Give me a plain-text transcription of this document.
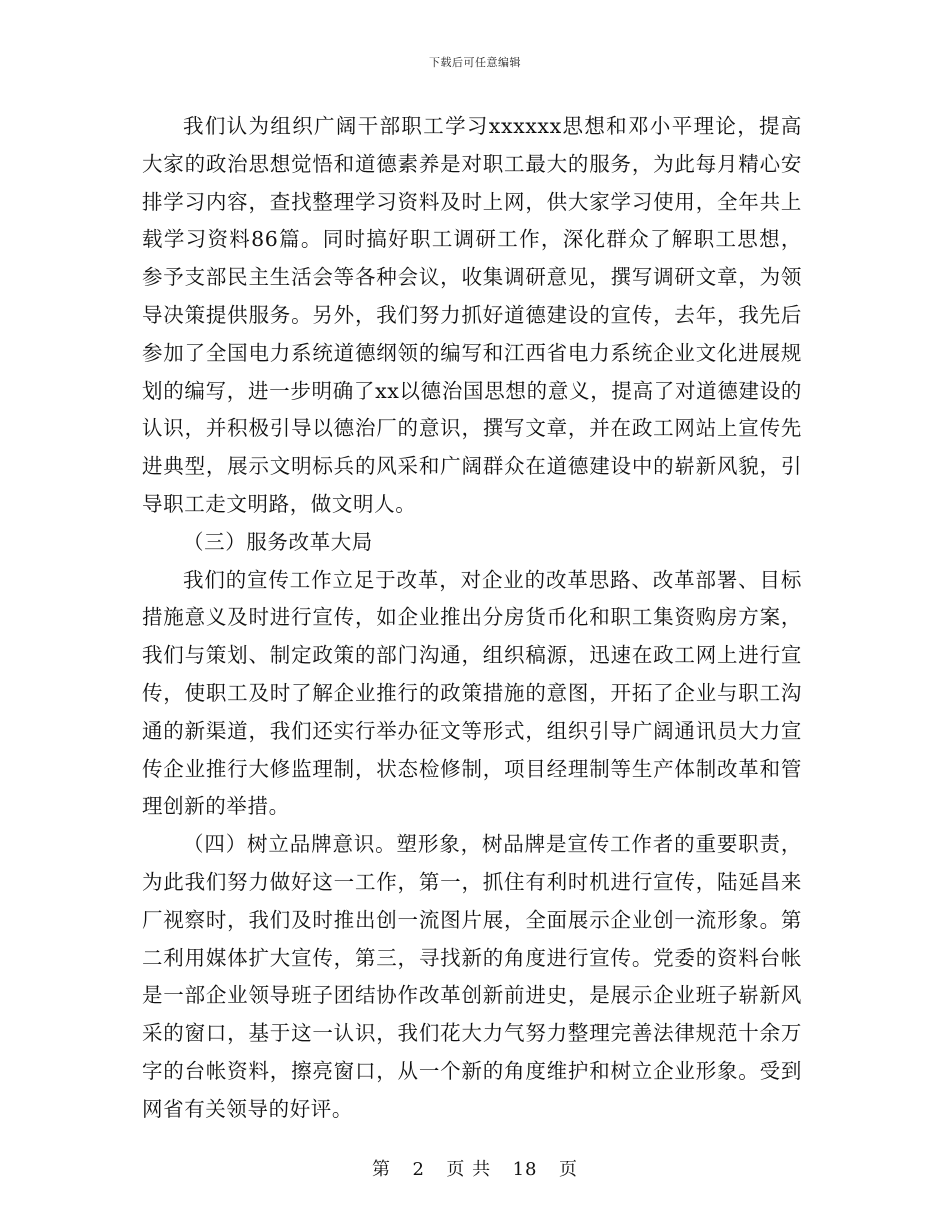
下载后可任意编辑

我们认为组织广阔干部职工学习xxxxxx思想和邓小平理论，提高大家的政治思想觉悟和道德素养是对职工最大的服务，为此每月精心安排学习内容，查找整理学习资料及时上网，供大家学习使用，全年共上载学习资料86篇。同时搞好职工调研工作，深化群众了解职工思想，参予支部民主生活会等各种会议，收集调研意见，撰写调研文章，为领导决策提供服务。另外，我们努力抓好道德建设的宣传，去年，我先后参加了全国电力系统道德纲领的编写和江西省电力系统企业文化进展规划的编写，进一步明确了xx以德治国思想的意义，提高了对道德建设的认识，并积极引导以德治厂的意识，撰写文章，并在政工网站上宣传先进典型，展示文明标兵的风采和广阔群众在道德建设中的崭新风貌，引导职工走文明路，做文明人。

（三）服务改革大局

我们的宣传工作立足于改革，对企业的改革思路、改革部署、目标措施意义及时进行宣传，如企业推出分房货币化和职工集资购房方案，我们与策划、制定政策的部门沟通，组织稿源，迅速在政工网上进行宣传，使职工及时了解企业推行的政策措施的意图，开拓了企业与职工沟通的新渠道，我们还实行举办征文等形式，组织引导广阔通讯员大力宣传企业推行大修监理制，状态检修制，项目经理制等生产体制改革和管理创新的举措。

（四）树立品牌意识。塑形象，树品牌是宣传工作者的重要职责，为此我们努力做好这一工作，第一，抓住有利时机进行宣传，陆延昌来厂视察时，我们及时推出创一流图片展，全面展示企业创一流形象。第二利用媒体扩大宣传，第三，寻找新的角度进行宣传。党委的资料台帐是一部企业领导班子团结协作改革创新前进史，是展示企业班子崭新风采的窗口，基于这一认识，我们花大力气努力整理完善法律规范十余万字的台帐资料，擦亮窗口，从一个新的角度维护和树立企业形象。受到网省有关领导的好评。

第 2 页 共 18 页
